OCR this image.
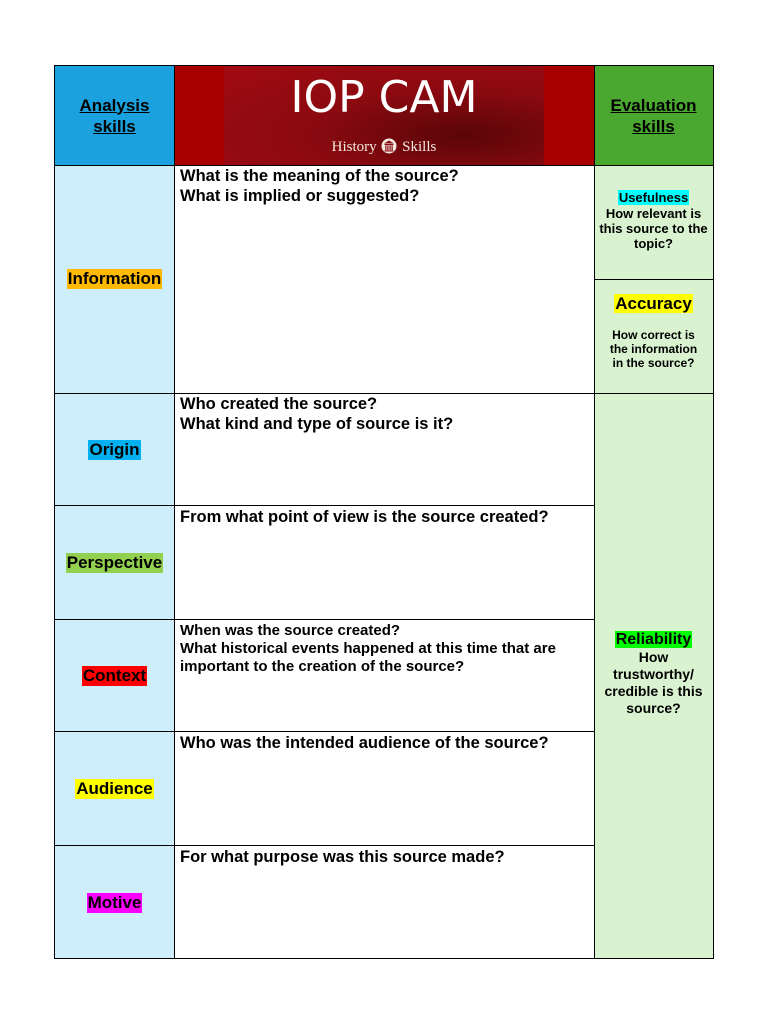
Analysis skills
IOP CAM
History Skills
Evaluation skills
Information
Origin
Perspective
Context
Audience
Motive
What is the meaning of the source?
What is implied or suggested?
Who created the source?
What kind and type of source is it?
From what point of view is the source created?
When was the source created?
What historical events happened at this time that are important to the creation of the source?
Who was the intended audience of the source?
For what purpose was this source made?
Usefulness
How relevant is this source to the topic?
Accuracy
How correct is the information in the source?
Reliability
How trustworthy/ credible is this source?
